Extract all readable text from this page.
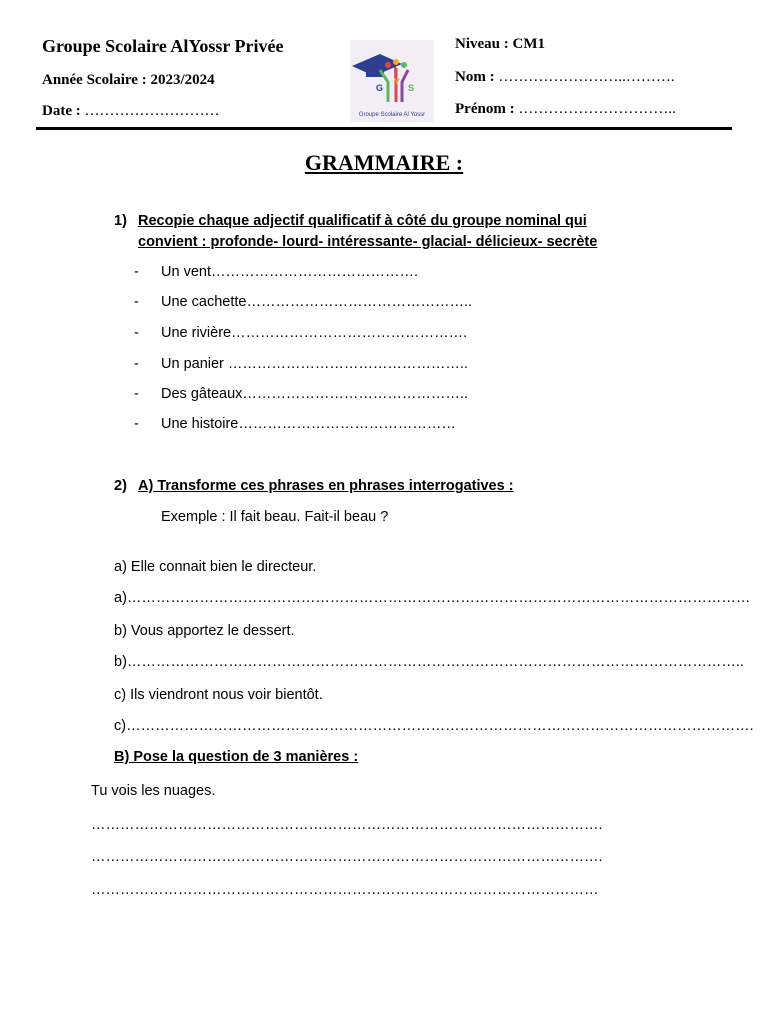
Groupe Scolaire AlYossr Privée
Année Scolaire : 2023/2024
Date : ………………………
G
Y
S
Groupe Scolaire Al Yossr
Niveau : CM1
Nom : ……………………..……….
Prénom : …………………………..
GRAMMAIRE :
1) Recopie chaque adjectif qualificatif à côté du groupe nominal qui
convient : profonde- lourd- intéressante- glacial- délicieux- secrète
- Un vent…………………………………….
- Une cachette………………………………………..
- Une rivière………………………………………….
- Un panier …………………………………………..
- Des gâteaux………………………………………..
- Une histoire………………………………………
2) A) Transforme ces phrases en phrases interrogatives :
Exemple : Il fait beau. Fait-il beau ?
a) Elle connait bien le directeur.
a)…………………………………………………………………………………………………………………
b) Vous apportez le dessert.
b)………………………………………………………………………………………………………………..
c) Ils viendront nous voir bientôt.
c)………………………………………………………………………………………………………………….
B) Pose la question de 3 manières :
Tu vois les nuages.
…………………………………………………………………………………………….
…………………………………………………………………………………………….
……………………………………………………………………………………………
